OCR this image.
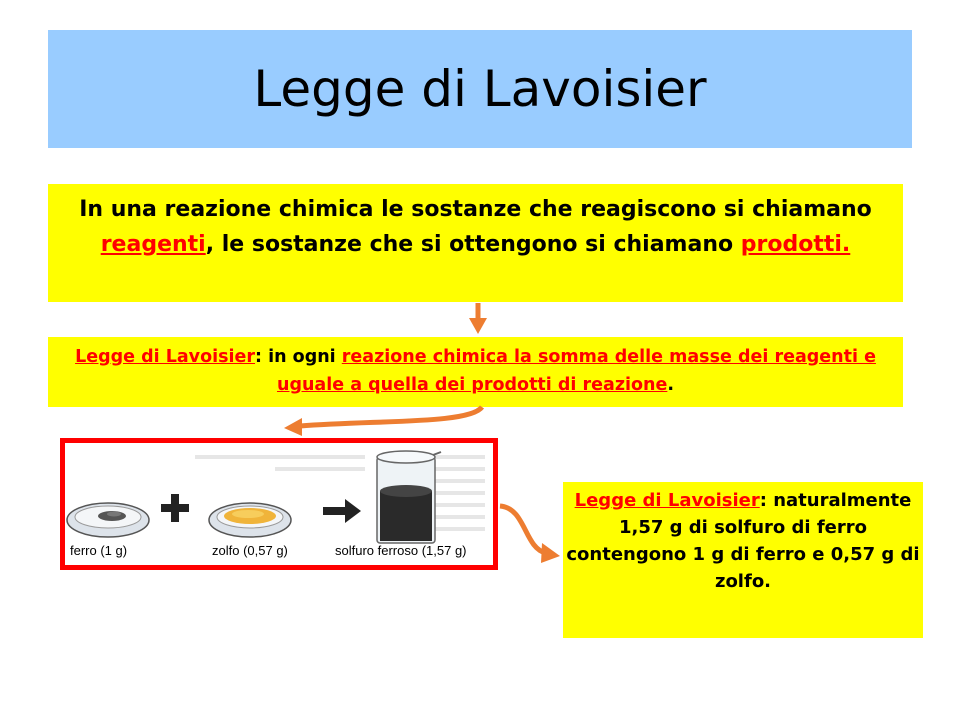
Legge di Lavoisier
In una reazione chimica le sostanze che reagiscono si chiamano reagenti, le sostanze che si ottengono si chiamano prodotti.
Legge di Lavoisier: in ogni reazione chimica la somma delle masse dei reagenti e uguale a quella dei prodotti di reazione.
ferro (1 g)	zolfo (0,57 g)	solfuro ferroso (1,57 g)
Legge di Lavoisier: naturalmente 1,57 g di solfuro di ferro contengono 1 g di ferro e 0,57 g di zolfo.
